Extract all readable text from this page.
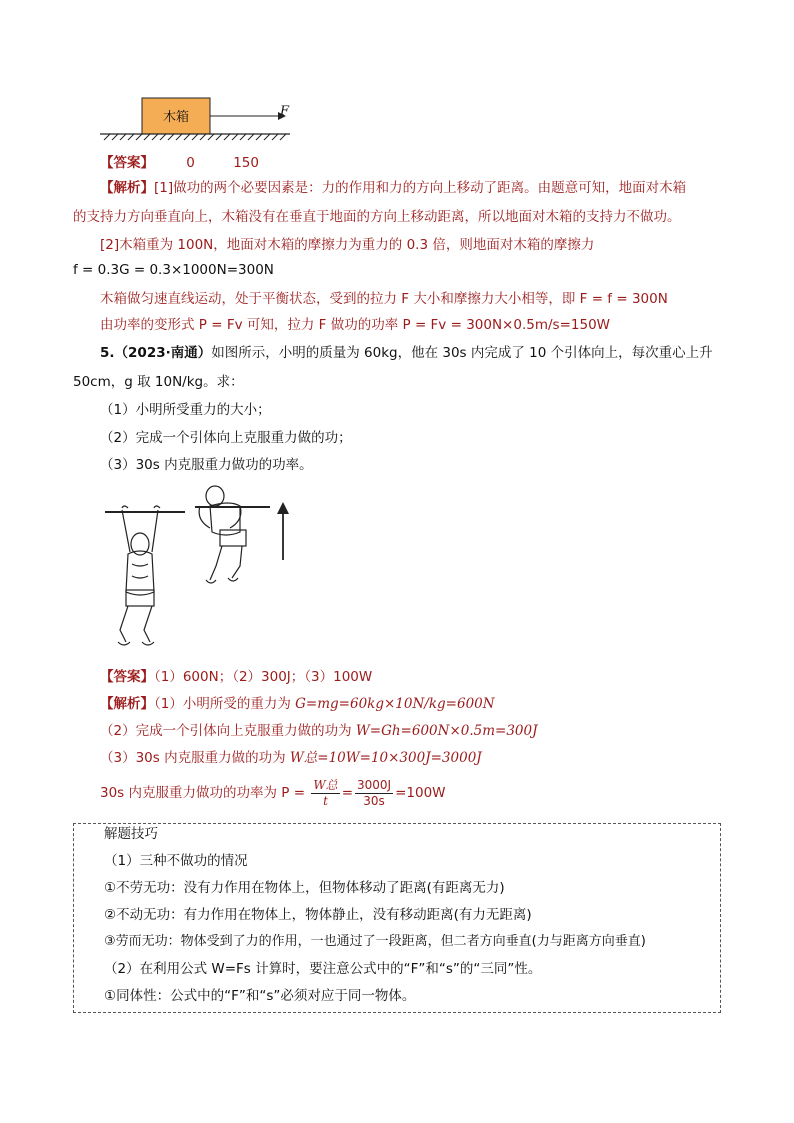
木箱	F
【答案】 0	150
【解析】[1]做功的两个必要因素是：力的作用和力的方向上移动了距离。由题意可知，地面对木箱
的支持力方向垂直向上，木箱没有在垂直于地面的方向上移动距离，所以地面对木箱的支持力不做功。
[2]木箱重为 100N，地面对木箱的摩擦力为重力的 0.3 倍，则地面对木箱的摩擦力
f = 0.3G = 0.3×1000N=300N
木箱做匀速直线运动，处于平衡状态，受到的拉力 F 大小和摩擦力大小相等，即 F = f = 300N
由功率的变形式 P = Fv 可知，拉力 F 做功的功率 P = Fv = 300N×0.5m/s=150W
5.（2023·南通）如图所示，小明的质量为 60kg，他在 30s 内完成了 10 个引体向上，每次重心上升
50cm，g 取 10N/kg。求：
（1）小明所受重力的大小；
（2）完成一个引体向上克服重力做的功；
（3）30s 内克服重力做功的功率。
【答案】（1）600N；（2）300J；（3）100W
【解析】（1）小明所受的重力为 G=mg=60kg×10N/kg=600N
（2）完成一个引体向上克服重力做的功为 W=Gh=600N×0.5m=300J
（3）30s 内克服重力做的功为 W总=10W=10×300J=3000J
30s 内克服重力做功的功率为 $P = \frac{\text{W总}}{t} = \frac{3000J}{30s} =100W$
解题技巧
（1）三种不做功的情况
①不劳无功：没有力作用在物体上，但物体移动了距离(有距离无力)
②不动无功：有力作用在物体上，物体静止，没有移动距离(有力无距离)
③劳而无功：物体受到了力的作用，一也通过了一段距离，但二者方向垂直(力与距离方向垂直)
（2）在利用公式 W=Fs 计算时，要注意公式中的“F”和“s”的“三同”性。
①同体性：公式中的“F”和“s”必须对应于同一物体。
